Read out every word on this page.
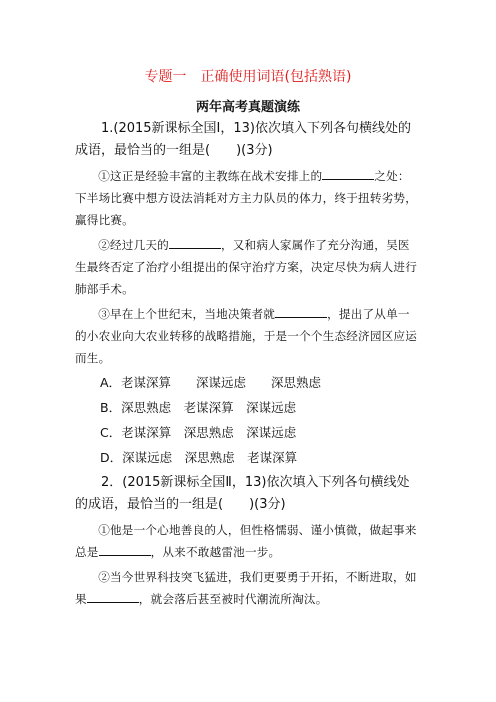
专题一 正确使用词语(包括熟语)
两年高考真题演练

1.(2015新课标全国Ⅰ，13)依次填入下列各句横线处的成语，最恰当的一组是(　　)(3分)

①这正是经验丰富的主教练在战术安排上的	之处：下半场比赛中想方设法消耗对方主力队员的体力，终于扭转劣势，赢得比赛。

②经过几天的	，又和病人家属作了充分沟通，吴医生最终否定了治疗小组提出的保守治疗方案，决定尽快为病人进行肺部手术。

③早在上个世纪末，当地决策者就	，提出了从单一的小农业向大农业转移的战略措施，于是一个个生态经济园区应运而生。

A．老谋深算　　深谋远虑　　深思熟虑

B．深思熟虑　老谋深算　深谋远虑

C．老谋深算　深思熟虑　深谋远虑

D．深谋远虑　深思熟虑　老谋深算

2．(2015新课标全国Ⅱ，13)依次填入下列各句横线处的成语，最恰当的一组是(　　)(3分)

①他是一个心地善良的人，但性格懦弱、谨小慎微，做起事来总是	，从来不敢越雷池一步。

②当今世界科技突飞猛进，我们更要勇于开拓，不断进取，如果	，就会落后甚至被时代潮流所淘汰。
